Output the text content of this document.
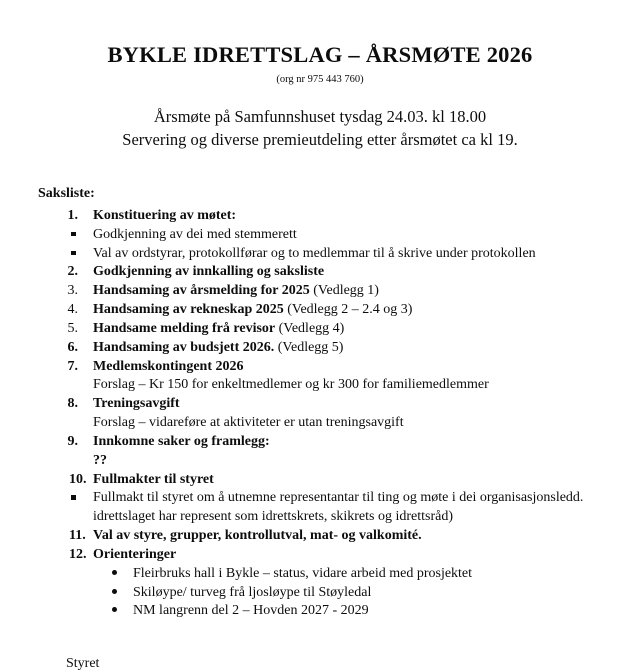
BYKLE IDRETTSLAG – ÅRSMØTE 2026

(org nr 975 443 760)

Årsmøte på Samfunnshuset tysdag 24.03. kl 18.00
Servering og diverse premieutdeling etter årsmøtet ca kl 19.

Saksliste:

1. Konstituering av møtet:
Godkjenning av dei med stemmerett
Val av ordstyrar, protokollførar og to medlemmar til å skrive under protokollen
2. Godkjenning av innkalling og saksliste
3. Handsaming av årsmelding for 2025 (Vedlegg 1)
4. Handsaming av rekneskap 2025 (Vedlegg 2 – 2.4 og 3)
5. Handsame melding frå revisor (Vedlegg 4)
6. Handsaming av budsjett 2026. (Vedlegg 5)
7. Medlemskontingent 2026
Forslag – Kr 150 for enkeltmedlemer og kr 300 for familiemedlemmer
8. Treningsavgift
Forslag – vidareføre at aktiviteter er utan treningsavgift
9. Innkomne saker og framlegg:
??
10. Fullmakter til styret
Fullmakt til styret om å utnemne representantar til ting og møte i dei organisasjonsledd.
idrettslaget har represent som idrettskrets, skikrets og idrettsråd)
11. Val av styre, grupper, kontrollutval, mat- og valkomité.
12. Orienteringer
Fleirbruks hall i Bykle – status, vidare arbeid med prosjektet
Skiløype/ turveg frå ljosløype til Støyledal
NM langrenn del 2 – Hovden 2027 - 2029

Styret
